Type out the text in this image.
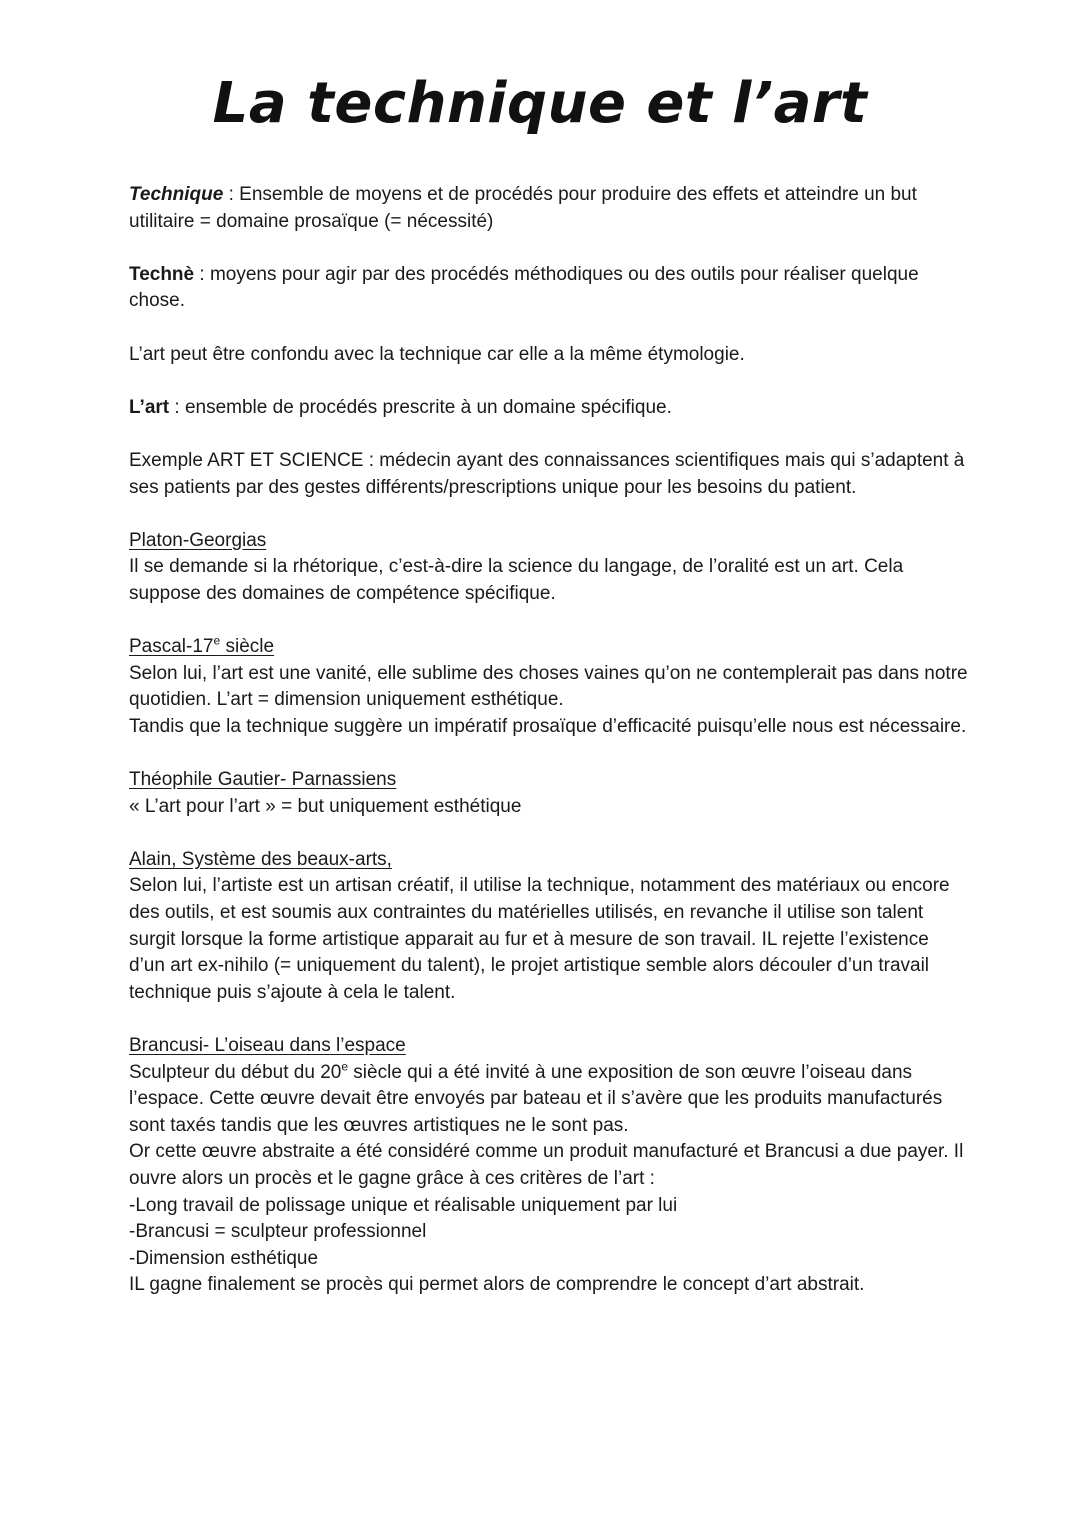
La technique et l’art

Technique : Ensemble de moyens et de procédés pour produire des effets et atteindre un but utilitaire = domaine prosaïque (= nécessité)

Technè : moyens pour agir par des procédés méthodiques ou des outils pour réaliser quelque chose.

L’art peut être confondu avec la technique car elle a la même étymologie.

L’art : ensemble de procédés prescrite à un domaine spécifique.

Exemple ART ET SCIENCE : médecin ayant des connaissances scientifiques mais qui s’adaptent à ses patients par des gestes différents/prescriptions unique pour les besoins du patient.

Platon-Georgias

Il se demande si la rhétorique, c’est-à-dire la science du langage, de l’oralité est un art. Cela suppose des domaines de compétence spécifique.

Pascal-17e siècle

Selon lui, l’art est une vanité, elle sublime des choses vaines qu’on ne contemplerait pas dans notre quotidien. L’art = dimension uniquement esthétique.

Tandis que la technique suggère un impératif prosaïque d’efficacité puisqu’elle nous est nécessaire.

Théophile Gautier- Parnassiens

« L’art pour l’art » = but uniquement esthétique

Alain, Système des beaux-arts,

Selon lui, l’artiste est un artisan créatif, il utilise la technique, notamment des matériaux ou encore des outils, et est soumis aux contraintes du matérielles utilisés, en revanche il utilise son talent surgit lorsque la forme artistique apparait au fur et à mesure de son travail. IL rejette l’existence d’un art ex-nihilo (= uniquement du talent), le projet artistique semble alors découler d’un travail technique puis s’ajoute à cela le talent.

Brancusi- L’oiseau dans l’espace

Sculpteur du début du 20e siècle qui a été invité à une exposition de son œuvre l’oiseau dans l’espace. Cette œuvre devait être envoyés par bateau et il s’avère que les produits manufacturés sont taxés tandis que les œuvres artistiques ne le sont pas.

Or cette œuvre abstraite a été considéré comme un produit manufacturé et Brancusi a due payer. Il ouvre alors un procès et le gagne grâce à ces critères de l’art :

-Long travail de polissage unique et réalisable uniquement par lui

-Brancusi = sculpteur professionnel

-Dimension esthétique

IL gagne finalement se procès qui permet alors de comprendre le concept d’art abstrait.
